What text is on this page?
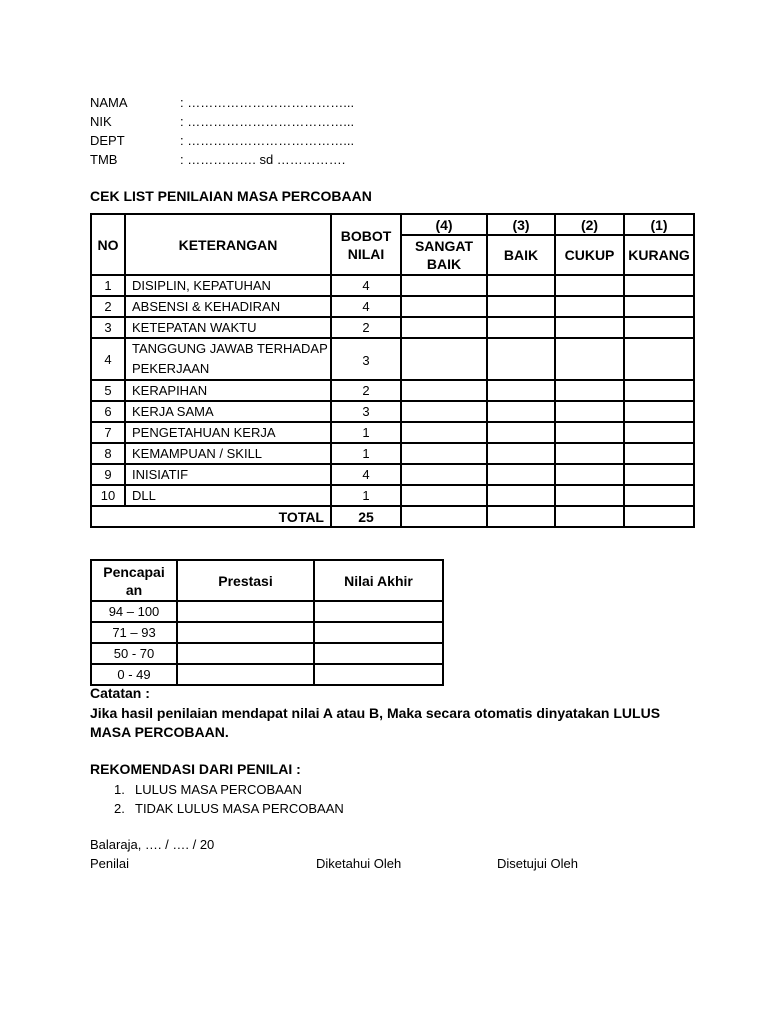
NAMA	: ………………………………...
NIK	: ………………………………...
DEPT	: ………………………………...
TMB	: ……………. sd …………….
CEK LIST PENILAIAN MASA PERCOBAAN
NO	KETERANGAN	BOBOT NILAI	(4)	(3)	(2)	(1)
			SANGAT BAIK	BAIK	CUKUP	KURANG
1	DISIPLIN, KEPATUHAN	4				
2	ABSENSI & KEHADIRAN	4				
3	KETEPATAN WAKTU	2				
4	TANGGUNG JAWAB TERHADAP PEKERJAAN	3				
5	KERAPIHAN	2				
6	KERJA SAMA	3				
7	PENGETAHUAN KERJA	1				
8	KEMAMPUAN / SKILL	1				
9	INISIATIF	4				
10	DLL	1				
TOTAL		25				
Pencapaian	Prestasi	Nilai Akhir
94 – 100		
71 – 93		
50 - 70		
0 - 49		
Catatan :
Jika hasil penilaian mendapat nilai A atau B, Maka secara otomatis dinyatakan LULUS MASA PERCOBAAN.
REKOMENDASI DARI PENILAI :
1. LULUS MASA PERCOBAAN
2. TIDAK LULUS MASA PERCOBAAN
Balaraja, …. / …. / 20
Penilai	Diketahui Oleh	Disetujui Oleh
